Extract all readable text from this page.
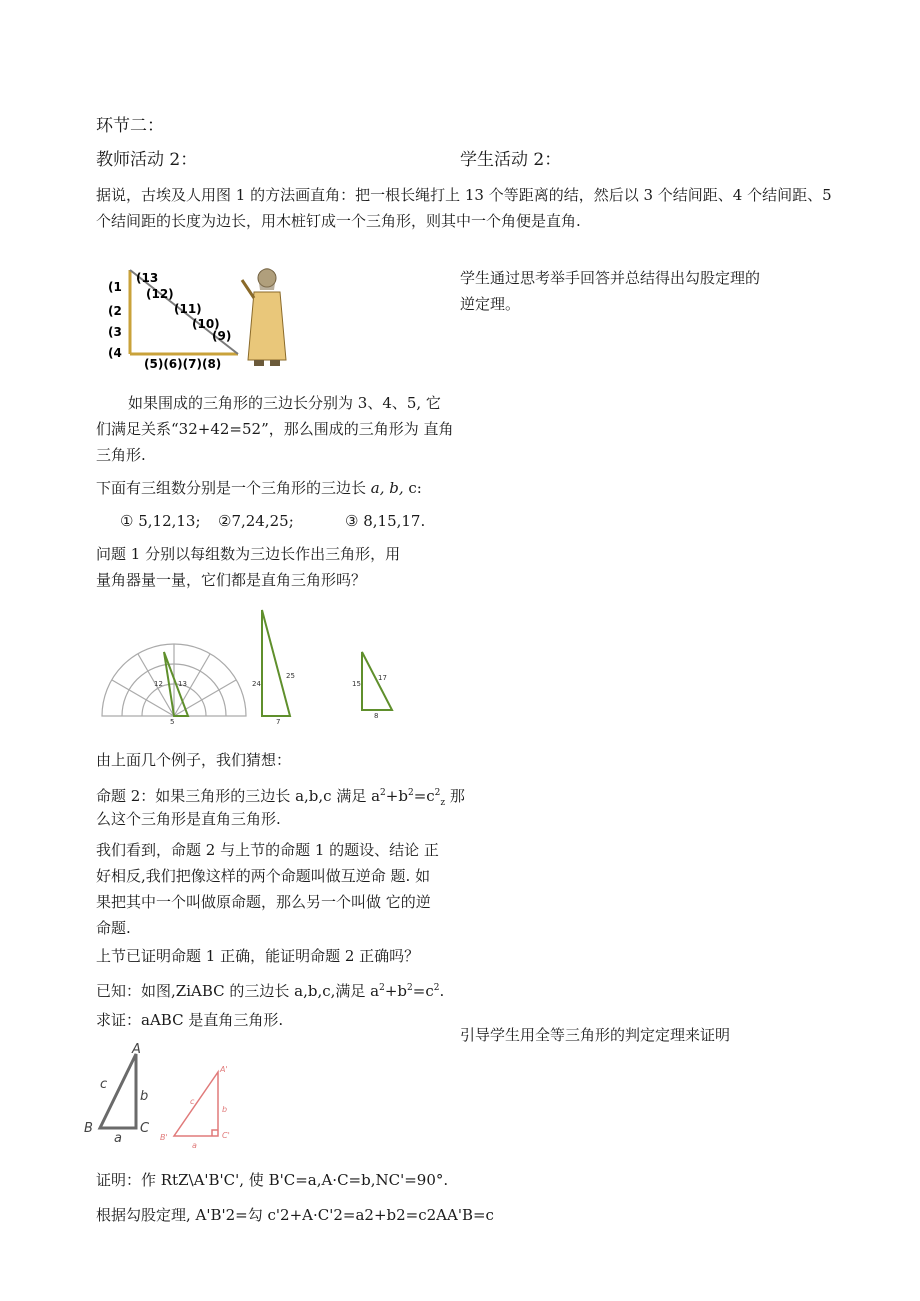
环节二：

教师活动 2：	学生活动 2：

据说，古埃及人用图 1 的方法画直角：把一根长绳打上 13 个等距离的结，然后以 3 个结间距、4 个结间距、5

个结间距的长度为边长，用木桩钉成一个三角形，则其中一个角便是直角.

(1
(2
(3
(4
(13
(12)
(11)
(10)
(9)
(5)(6)(7)(8)

学生通过思考举手回答并总结得出勾股定理的

逆定理。

如果围成的三角形的三边长分别为 3、4、5, 它

们满足关系“32+42=52”，那么围成的三角形为 直角

三角形.

下面有三组数分别是一个三角形的三边长 a, b, c:

① 5,12,13; ②7,24,25;	③ 8,15,17.

问题 1 分别以每组数为三边长作出三角形，用

量角器量一量，它们都是直角三角形吗？

12
5
13	24
7
25
15
8
17

由上面几个例子，我们猜想：

命题 2：如果三角形的三边长 a,b,c 满足 $a^2+b^2=c^2_z$ 那

么这个三角形是直角三角形.

我们看到，命题 2 与上节的命题 1 的题设、结论 正

好相反,我们把像这样的两个命题叫做互逆命 题. 如

果把其中一个叫做原命题，那么另一个叫做 它的逆

命题.

上节已证明命题 1 正确，能证明命题 2 正确吗？

已知：如图,ZiABC 的三边长 a,b,c,满足 $a^2+b^2=c^2$.

求证：aABC 是直角三角形.

引导学生用全等三角形的判定定理来证明

A
B	C
a
b
c
A'
B'	C'
a
b
c

证明：作 RtZ\A'B'C', 使 B'C=a,A·C=b,NC'=90°.

根据勾股定理, A'B'2=勾 c'2+A·C'2=a2+b2=c2AA'B=c
